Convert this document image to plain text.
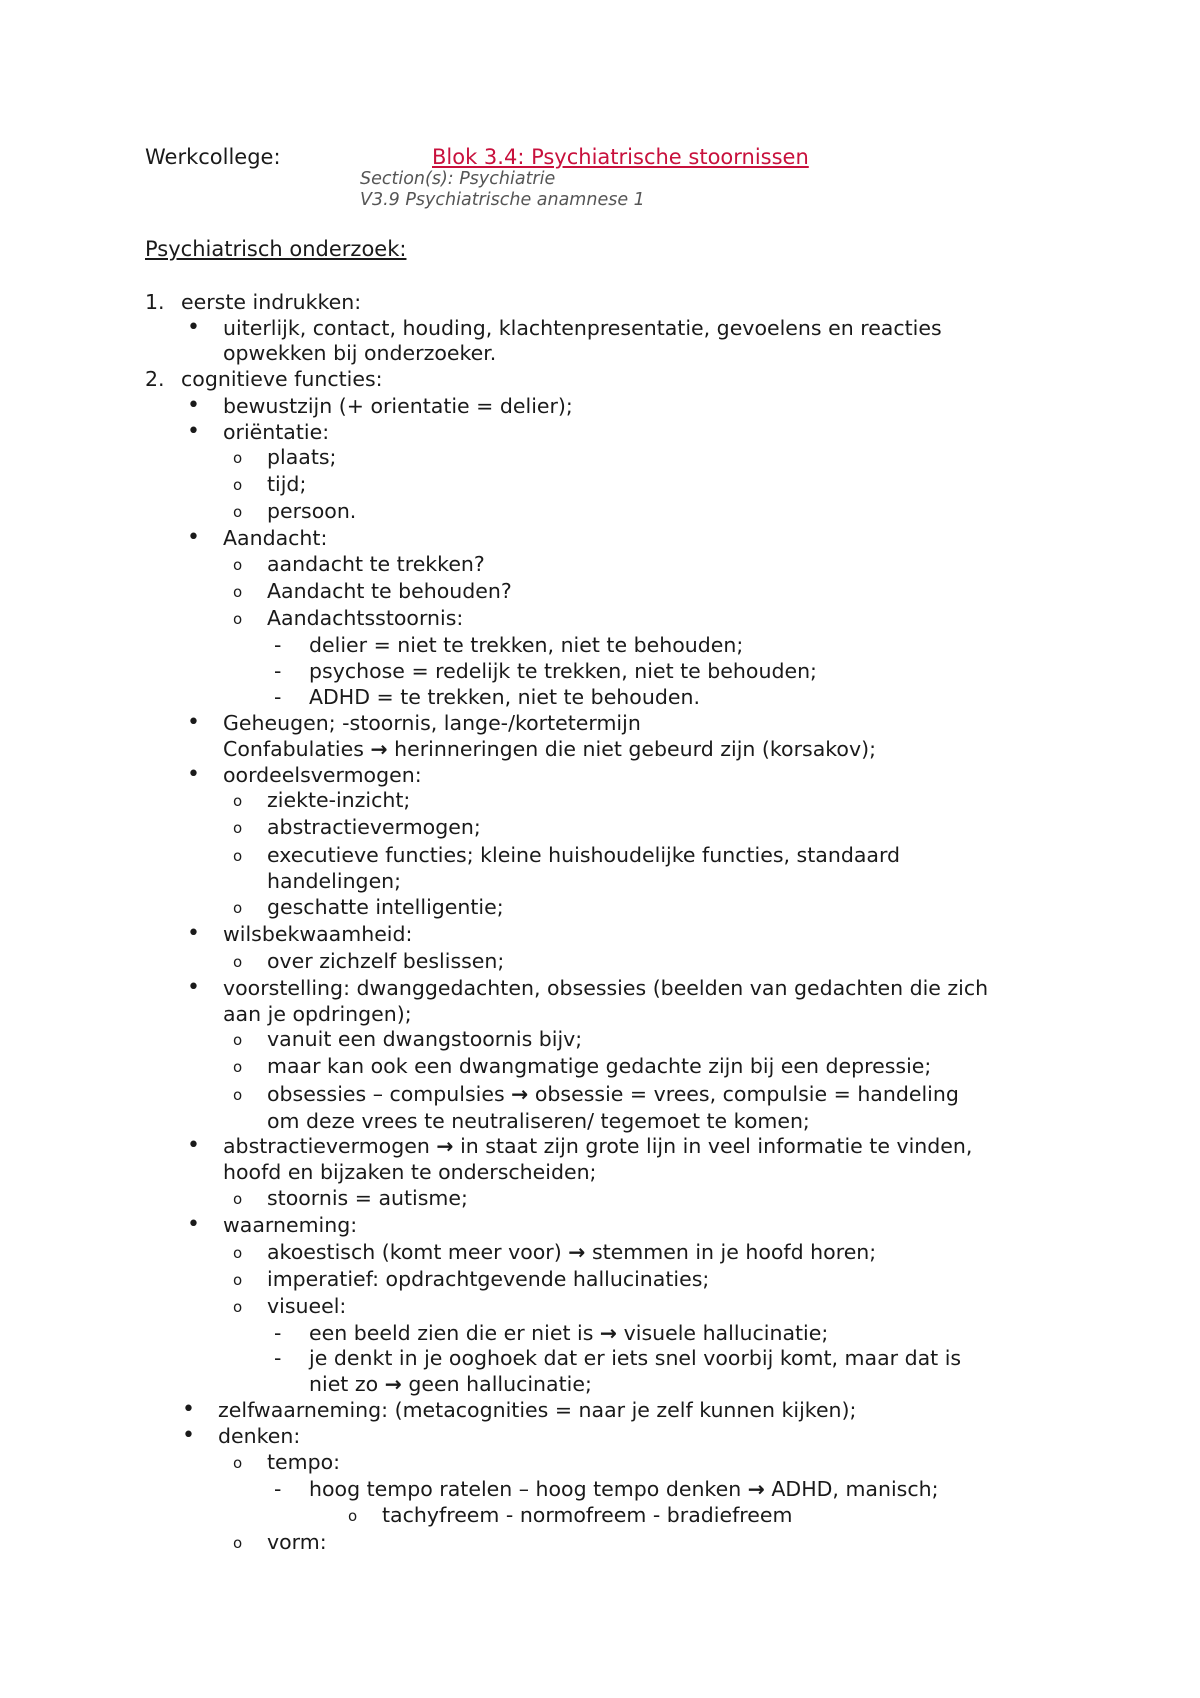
Werkcollege:	Blok 3.4: Psychiatrische stoornissen
Section(s): Psychiatrie
V3.9 Psychiatrische anamnese 1
Psychiatrisch onderzoek:
1. eerste indrukken:
• uiterlijk, contact, houding, klachtenpresentatie, gevoelens en reacties
opwekken bij onderzoeker.
2. cognitieve functies:
• bewustzijn (+ orientatie = delier);
• oriëntatie:
o plaats;
o tijd;
o persoon.
• Aandacht:
o aandacht te trekken?
o Aandacht te behouden?
o Aandachtsstoornis:
- delier = niet te trekken, niet te behouden;
- psychose = redelijk te trekken, niet te behouden;
- ADHD = te trekken, niet te behouden.
• Geheugen; -stoornis, lange-/kortetermijn
Confabulaties → herinneringen die niet gebeurd zijn (korsakov);
• oordeelsvermogen:
o ziekte-inzicht;
o abstractievermogen;
o executieve functies; kleine huishoudelijke functies, standaard
handelingen;
o geschatte intelligentie;
• wilsbekwaamheid:
o over zichzelf beslissen;
• voorstelling: dwanggedachten, obsessies (beelden van gedachten die zich
aan je opdringen);
o vanuit een dwangstoornis bijv;
o maar kan ook een dwangmatige gedachte zijn bij een depressie;
o obsessies – compulsies → obsessie = vrees, compulsie = handeling
om deze vrees te neutraliseren/ tegemoet te komen;
• abstractievermogen → in staat zijn grote lijn in veel informatie te vinden,
hoofd en bijzaken te onderscheiden;
o stoornis = autisme;
• waarneming:
o akoestisch (komt meer voor) → stemmen in je hoofd horen;
o imperatief: opdrachtgevende hallucinaties;
o visueel:
- een beeld zien die er niet is → visuele hallucinatie;
- je denkt in je ooghoek dat er iets snel voorbij komt, maar dat is
niet zo → geen hallucinatie;
• zelfwaarneming: (metacognities = naar je zelf kunnen kijken);
• denken:
o tempo:
- hoog tempo ratelen – hoog tempo denken → ADHD, manisch;
o tachyfreem - normofreem - bradiefreem
o vorm:
